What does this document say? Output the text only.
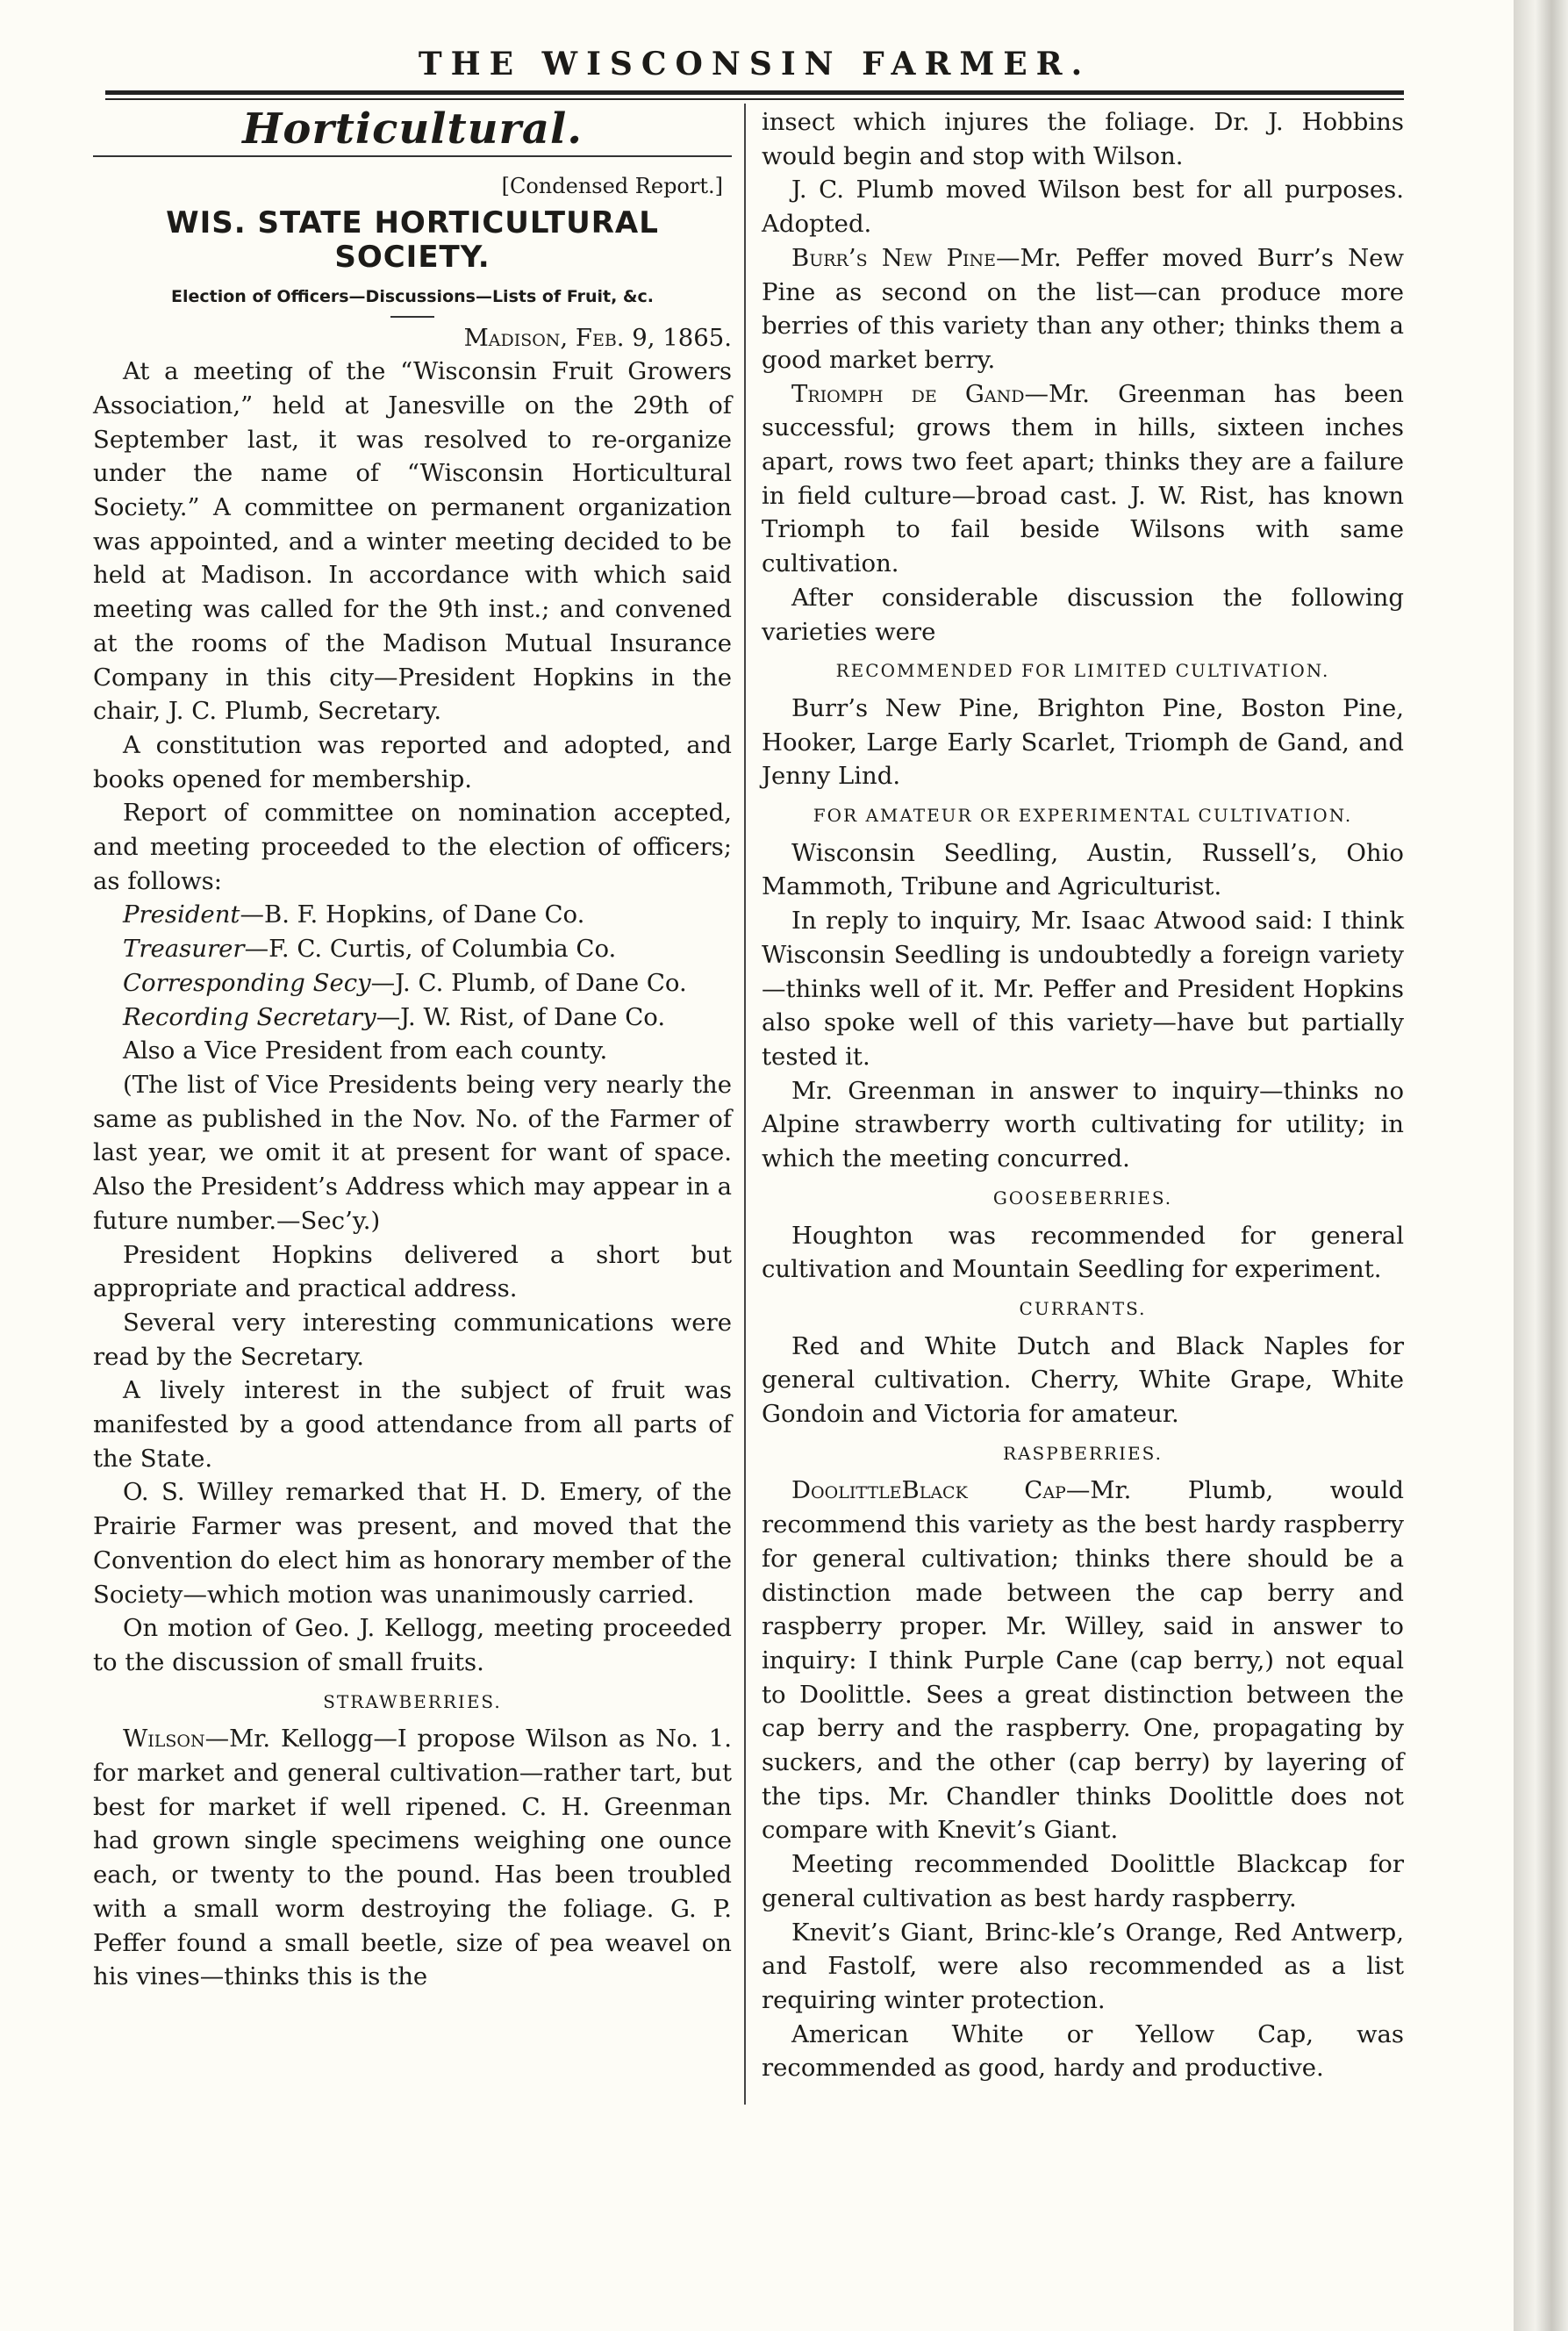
THE WISCONSIN FARMER.
Horticultural.
[Condensed Report.]
WIS. STATE HORTICULTURAL SOCIETY.
Election of Officers—Discussions—Lists of Fruit, &c.

Madison, Feb. 9, 1865.

At a meeting of the “Wisconsin Fruit Growers Association,” held at Janesville on the 29th of September last, it was resolved to re-organize under the name of “Wisconsin Horticultural Society.” A committee on permanent organization was appointed, and a winter meeting decided to be held at Madison. In accordance with which said meeting was called for the 9th inst.; and convened at the rooms of the Madison Mutual Insurance Company in this city—President Hopkins in the chair, J. C. Plumb, Secretary.

A constitution was reported and adopted, and books opened for membership.

Report of committee on nomination accepted, and meeting proceeded to the election of officers; as follows:

President—B. F. Hopkins, of Dane Co.

Treasurer—F. C. Curtis, of Columbia Co.

Corresponding Secy—J. C. Plumb, of Dane Co.

Recording Secretary—J. W. Rist, of Dane Co.

Also a Vice President from each county.

(The list of Vice Presidents being very nearly the same as published in the Nov. No. of the Farmer of last year, we omit it at present for want of space. Also the President’s Address which may appear in a future number.—Sec’y.)

President Hopkins delivered a short but appropriate and practical address.

Several very interesting communications were read by the Secretary.

A lively interest in the subject of fruit was manifested by a good attendance from all parts of the State.

O. S. Willey remarked that H. D. Emery, of the Prairie Farmer was present, and moved that the Convention do elect him as honorary member of the Society—which motion was unanimously carried.

On motion of Geo. J. Kellogg, meeting proceeded to the discussion of small fruits.

STRAWBERRIES.

Wilson—Mr. Kellogg—I propose Wilson as No. 1. for market and general cultivation—rather tart, but best for market if well ripened. C. H. Greenman had grown single specimens weighing one ounce each, or twenty to the pound. Has been troubled with a small worm destroying the foliage. G. P. Peffer found a small beetle, size of pea weavel on his vines—thinks this is the

insect which injures the foliage. Dr. J. Hobbins would begin and stop with Wilson.

J. C. Plumb moved Wilson best for all purposes. Adopted.

Burr’s New Pine—Mr. Peffer moved Burr’s New Pine as second on the list—can produce more berries of this variety than any other; thinks them a good market berry.

Triomph de Gand—Mr. Greenman has been successful; grows them in hills, sixteen inches apart, rows two feet apart; thinks they are a failure in field culture—broad cast. J. W. Rist, has known Triomph to fail beside Wilsons with same cultivation.

After considerable discussion the following varieties were

RECOMMENDED FOR LIMITED CULTIVATION.

Burr’s New Pine, Brighton Pine, Boston Pine, Hooker, Large Early Scarlet, Triomph de Gand, and Jenny Lind.

FOR AMATEUR OR EXPERIMENTAL CULTIVATION.

Wisconsin Seedling, Austin, Russell’s, Ohio Mammoth, Tribune and Agriculturist.

In reply to inquiry, Mr. Isaac Atwood said: I think Wisconsin Seedling is undoubtedly a foreign variety—thinks well of it. Mr. Peffer and President Hopkins also spoke well of this variety—have but partially tested it.

Mr. Greenman in answer to inquiry—thinks no Alpine strawberry worth cultivating for utility; in which the meeting concurred.

GOOSEBERRIES.

Houghton was recommended for general cultivation and Mountain Seedling for experiment.

CURRANTS.

Red and White Dutch and Black Naples for general cultivation. Cherry, White Grape, White Gondoin and Victoria for amateur.

RASPBERRIES.

DoolittleBlack Cap—Mr. Plumb, would recommend this variety as the best hardy raspberry for general cultivation; thinks there should be a distinction made between the cap berry and raspberry proper. Mr. Willey, said in answer to inquiry: I think Purple Cane (cap berry,) not equal to Doolittle. Sees a great distinction between the cap berry and the raspberry. One, propagating by suckers, and the other (cap berry) by layering of the tips. Mr. Chandler thinks Doolittle does not compare with Knevit’s Giant.

Meeting recommended Doolittle Blackcap for general cultivation as best hardy raspberry.

Knevit’s Giant, Brinc-kle’s Orange, Red Antwerp, and Fastolf, were also recommended as a list requiring winter protection.

American White or Yellow Cap, was recommended as good, hardy and productive.
